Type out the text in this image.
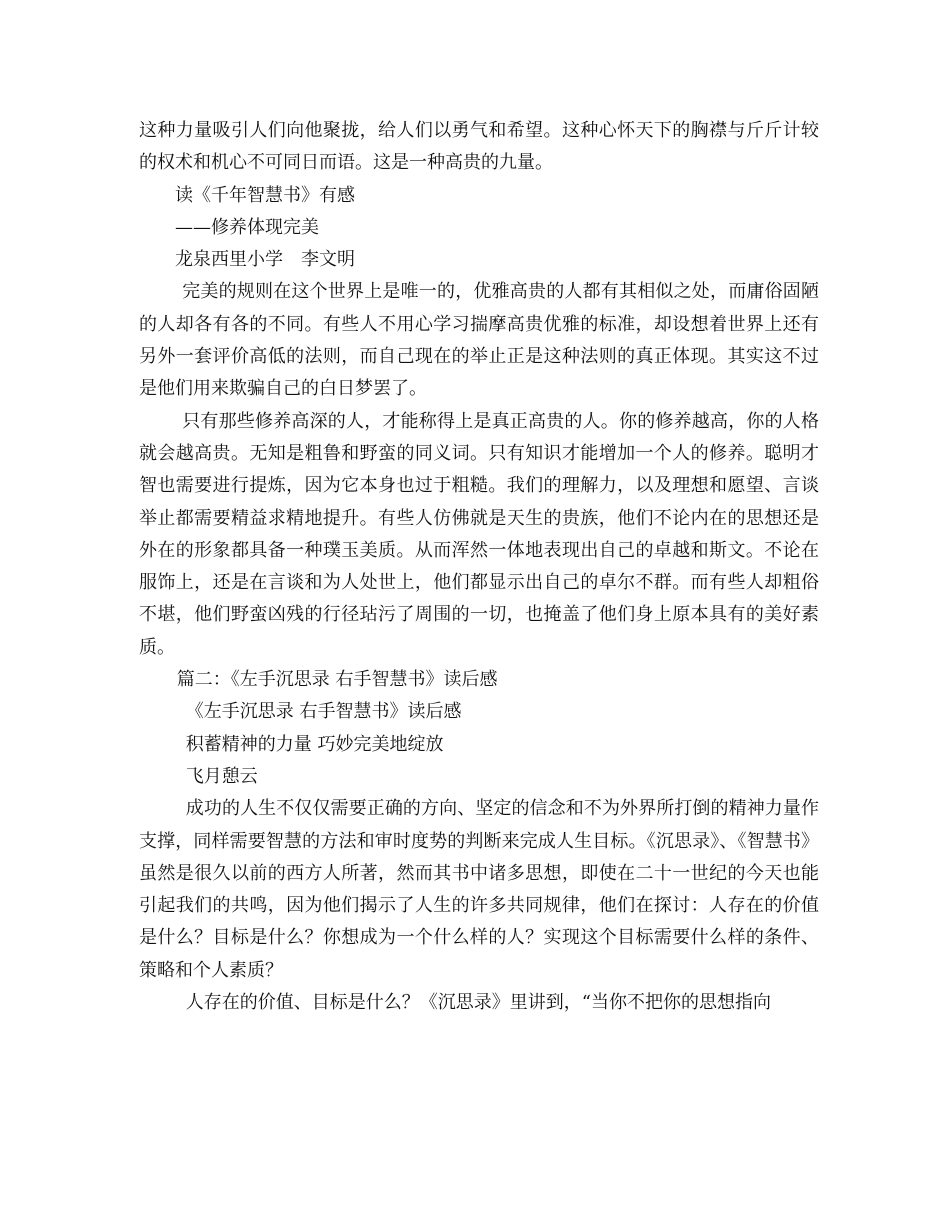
这种力量吸引人们向他聚拢，给人们以勇气和希望。这种心怀天下的胸襟与斤斤计较的权术和机心不可同日而语。这是一种高贵的九量。

读《千年智慧书》有感

——修养体现完美

龙泉西里小学　李文明

完美的规则在这个世界上是唯一的，优雅高贵的人都有其相似之处，而庸俗固陋的人却各有各的不同。有些人不用心学习揣摩高贵优雅的标准，却设想着世界上还有另外一套评价高低的法则，而自己现在的举止正是这种法则的真正体现。其实这不过是他们用来欺骗自己的白日梦罢了。

只有那些修养高深的人，才能称得上是真正高贵的人。你的修养越高，你的人格就会越高贵。无知是粗鲁和野蛮的同义词。只有知识才能增加一个人的修养。聪明才智也需要进行提炼，因为它本身也过于粗糙。我们的理解力，以及理想和愿望、言谈举止都需要精益求精地提升。有些人仿佛就是天生的贵族，他们不论内在的思想还是外在的形象都具备一种璞玉美质。从而浑然一体地表现出自己的卓越和斯文。不论在服饰上，还是在言谈和为人处世上，他们都显示出自己的卓尔不群。而有些人却粗俗不堪，他们野蛮凶残的行径玷污了周围的一切，也掩盖了他们身上原本具有的美好素质。

篇二：《左手沉思录 右手智慧书》读后感

《左手沉思录 右手智慧书》读后感

积蓄精神的力量 巧妙完美地绽放

飞月憩云

成功的人生不仅仅需要正确的方向、坚定的信念和不为外界所打倒的精神力量作支撑，同样需要智慧的方法和审时度势的判断来完成人生目标。《沉思录》、《智慧书》虽然是很久以前的西方人所著，然而其书中诸多思想，即使在二十一世纪的今天也能引起我们的共鸣，因为他们揭示了人生的许多共同规律，他们在探讨：人存在的价值是什么？目标是什么？你想成为一个什么样的人？实现这个目标需要什么样的条件、策略和个人素质？

人存在的价值、目标是什么？《沉思录》里讲到，“当你不把你的思想指向
